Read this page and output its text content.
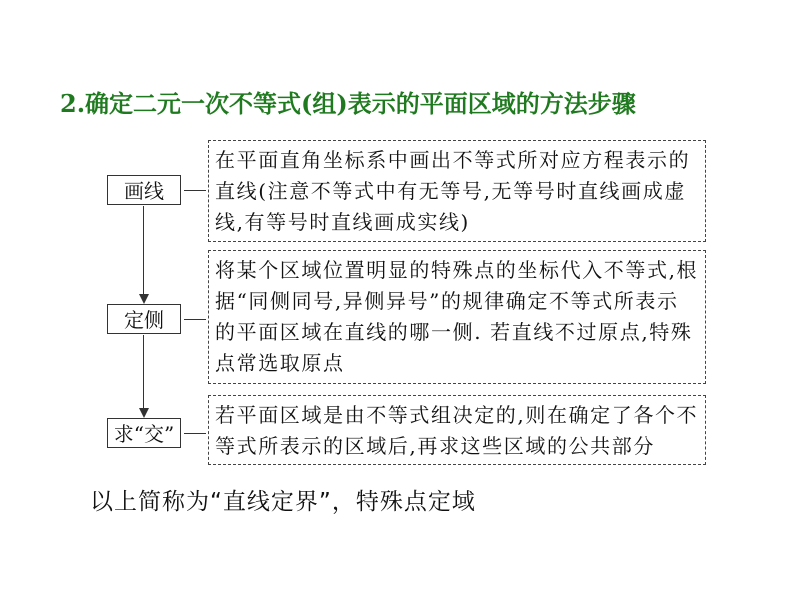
2.确定二元一次不等式(组)表示的平面区域的方法步骤
画线
定侧
求“交”
在平面直角坐标系中画出不等式所对应方程表示的直线(注意不等式中有无等号,无等号时直线画成虚线,有等号时直线画成实线)
将某个区域位置明显的特殊点的坐标代入不等式,根据“同侧同号,异侧异号”的规律确定不等式所表示的平面区域在直线的哪一侧. 若直线不过原点,特殊点常选取原点
若平面区域是由不等式组决定的,则在确定了各个不等式所表示的区域后,再求这些区域的公共部分
以上简称为“直线定界”，特殊点定域
